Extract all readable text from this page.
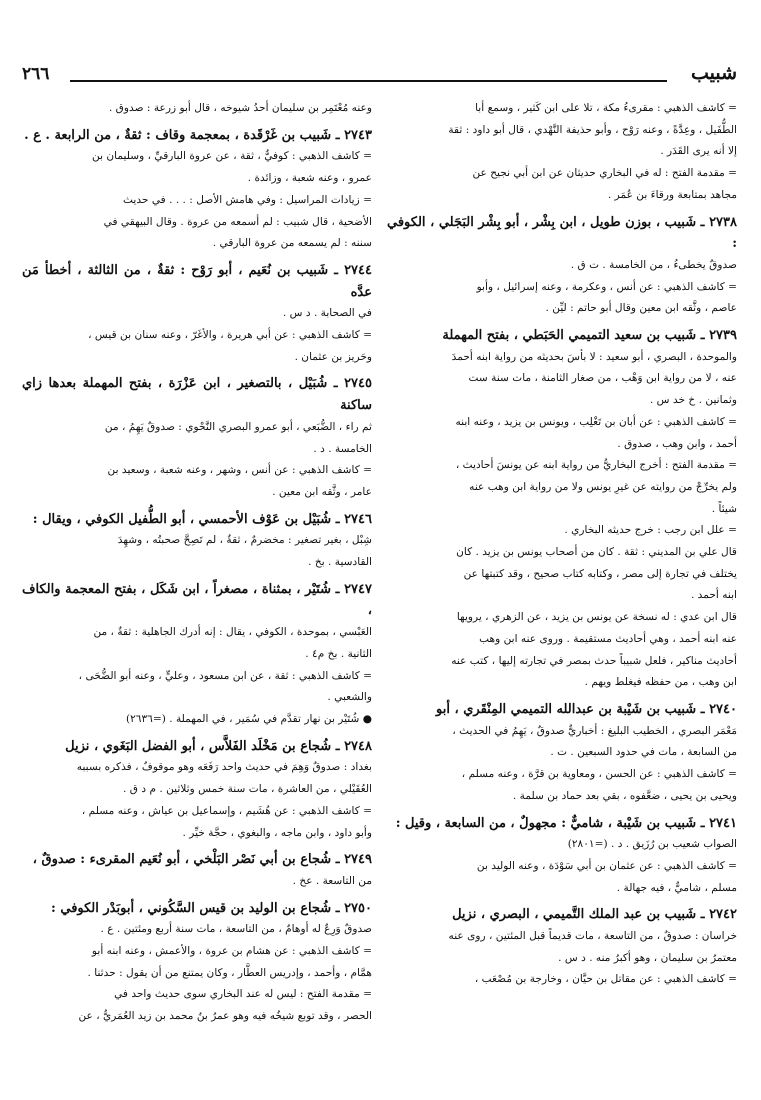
شبيب
٢٦٦
= كاشف الذهبي : مقرىءُ مكة ، تلا على ابن كَثير ، وسمع أبا
الطُّفَيل ، وعِدَّةً ، وعنه رَوْح ، وأبو حذيفة النَّهْدي ، قال أبو داود : ثقة
إلا أنه يرى القَدَر .
= مقدمة الفتح : له في البخاري حديثان عن ابن أبي نجيح عن
مجاهد بمتابعة ورقاءَ بن عُمَر .
٢٧٣٨ ـ شَبيب ، بوزن طويل ، ابن بِشْر ، أبو بِشْر البَجَلي ، الكوفي :
صدوقٌ يخطىءُ ، من الخامسة . ت ق .
= كاشف الذهبي : عن أنس ، وعكرمة ، وعنه إسرائيل ، وأبو
عاصم ، وثَّقه ابن معين وقال أبو حاتم : ليِّن .
٢٧٣٩ ـ شَبيب بن سعيد التميمي الحَبَطي ، بفتح المهملة
والموحدة ، البصري ، أبو سعيد : لا بأسَ بحديثه من رواية ابنه أحمدَ
عنه ، لا من رواية ابن وَهْب ، من صغار الثامنة ، مات سنة ست
وثمانين . خ خد س .
= كاشف الذهبي : عن أبان بن تَغْلِب ، ويونس بن يزيد ، وعنه ابنه
أحمد ، وابن وهب ، صدوق .
= مقدمة الفتح : أخرج البخاريُّ من رواية ابنه عن يونسَ أحاديث ،
ولم يخرِّجْ من روايته عن غيرِ يونس ولا من رواية ابن وهب عنه
شيئاً .
= علل ابن رجب : خرج حديثه البخاري .
قال علي بن المديني : ثقة . كان من أصحاب يونس بن يزيد . كان
يختلف في تجارة إلى مصر ، وكتابه كتاب صحيح ، وقد كتبتها عن
ابنه أحمد .
قال ابن عدي : له نسخة عن يونس بن يزيد ، عن الزهري ، يرويها
عنه ابنه أحمد ، وهي أحاديث مستقيمة . وروى عنه ابن وهب
أحاديث مناكير ، فلعل شبيباً حدث بمصر في تجارته إليها ، كتب عنه
ابن وهب ، من حفظه فيغلط ويهم .
٢٧٤٠ ـ شَبيب بن شَيْبة بن عبدالله التميمي المِنْقَري ، أبو
مَعْمَر البصري ، الخطيب البليغ : أخباريٌّ صدوقٌ ، يَهِمُ في الحديث ،
من السابعة ، مات في حدود السبعين . ت .
= كاشف الذهبي : عن الحسن ، ومعاوية بن قرَّة ، وعنه مسلم ،
ويحيى بن يحيى ، ضعَّفوه ، بقي بعد حماد بن سلمة .
٢٧٤١ ـ شَبيب بن شَيْبة ، شاميٌّ : مجهولٌ ، من السابعة ، وقيل :
الصواب شعيب بن رُزَيق . د . (=٢٨٠١)
= كاشف الذهبي : عن عثمان بن أبي سَوْدَة ، وعنه الوليد بن
مسلم ، شاميٌّ ، فيه جهالة .
٢٧٤٢ ـ شَبيب بن عبد الملك التَّميمي ، البصري ، نزيل
خراسان : صدوقٌ ، من التاسعة ، مات قديماً قبل المئتين ، روى عنه
معتمرُ بن سليمان ، وهو أكبرُ منه . د س .
= كاشف الذهبي : عن مقاتل بن حيَّان ، وخارجة بن مُصْعَب ،
وعنه مُعْتَمِر بن سليمان أحدُ شيوخه ، قال أبو زرعة : صدوق .
٢٧٤٣ ـ شَبيب بن غَرْقَدة ، بمعجمة وقاف : ثقةٌ ، من الرابعة . ع .
= كاشف الذهبي : كوفيٌّ ، ثقة ، عن عروة البارقيِّ ، وسليمان بن
عمرو ، وعنه شعبة ، وزائدة .
= زيادات المراسيل : وفي هامش الأصل : . . . في حديث
الأضحية ، قال شبيب : لم أسمعه من عروة . وقال البيهقي في
سننه : لم يسمعه من عروة البارقي .
٢٧٤٤ ـ شَبيب بن نُعَيم ، أبو رَوْح : ثقةٌ ، من الثالثة ، أخطأ مَن عدَّه
في الصحابة . د س .
= كاشف الذهبي : عن أبي هريرة ، والأغَرّ ، وعنه سنان بن قيس ،
وحَريز بن عثمان .
٢٧٤٥ ـ شُبَيْل ، بالتصغير ، ابن عَزْرَة ، بفتح المهملة بعدها زاي ساكنة
ثم راء ، الضُّبَعي ، أبو عمرو البصري النَّحْوي : صدوقٌ يَهِمُ ، من
الخامسة . د .
= كاشف الذهبي : عن أنس ، وشهر ، وعنه شعبة ، وسعيد بن
عامر ، وثَّقه ابن معين .
٢٧٤٦ ـ شُبَيْل بن عَوْف الأحمسي ، أبو الطُّفيل الكوفي ، ويقال :
شِبْل ، بغير تصغير : مخضرمٌ ، ثقةٌ ، لم تَصِحَّ صحبتُه ، وشهِدَ
القادسية . بخ .
٢٧٤٧ ـ شُتَيْر ، بمثناة ، مصغراً ، ابن شَكَل ، بفتح المعجمة والكاف ،
العَبْسي ، بموحدة ، الكوفي ، يقال : إنه أدرك الجاهلية : ثقةٌ ، من
الثانية . بخ م٤ .
= كاشف الذهبي : ثقة ، عن ابن مسعود ، وعليٍّ ، وعنه أبو الضُّحَى ،
والشعبي .
● شُتَيْر بن نهار تقدَّم في سُمَير ، في المهملة . (=٢٦٣٦)
٢٧٤٨ ـ شُجاع بن مَخْلَد الفَلاَّس ، أبو الفضل البَغَوي ، نزيل
بغداد : صدوقٌ وَهِمَ في حديث واحد رَفَعَه وهو موقوفٌ ، فذكره بسببه
العُقَيْلي ، من العاشرة ، مات سنة خمس وثلاثين . م د ق .
= كاشف الذهبي : عن هُشَيم ، وإسماعيل بن عياش ، وعنه مسلم ،
وأبو داود ، وابن ماجه ، والبغوي ، حجَّة خيِّر .
٢٧٤٩ ـ شُجاع بن أبي نَصْر البَلْخي ، أبو نُعَيم المقرىء : صدوقٌ ،
من التاسعة . عخ .
٢٧٥٠ ـ شُجاع بن الوليد بن قيس السَّكُوني ، أبوبَدْر الكوفي :
صدوقٌ وَرِعٌ له أوهامٌ ، من التاسعة ، مات سنة أربع ومئتين . ع .
= كاشف الذهبي : عن هشام بن عروة ، والأعمش ، وعنه ابنه أبو
همَّام ، وأحمد ، وإدريس العطَّار ، وكان يمتنع من أن يقول : حدثنا .
= مقدمة الفتح : ليس له عند البخاري سوى حديث واحد في
الحصر ، وقد توبع شيخُه فيه وهو عمرُ بنُ محمد بن زيد العُمَريُّ ، عن
